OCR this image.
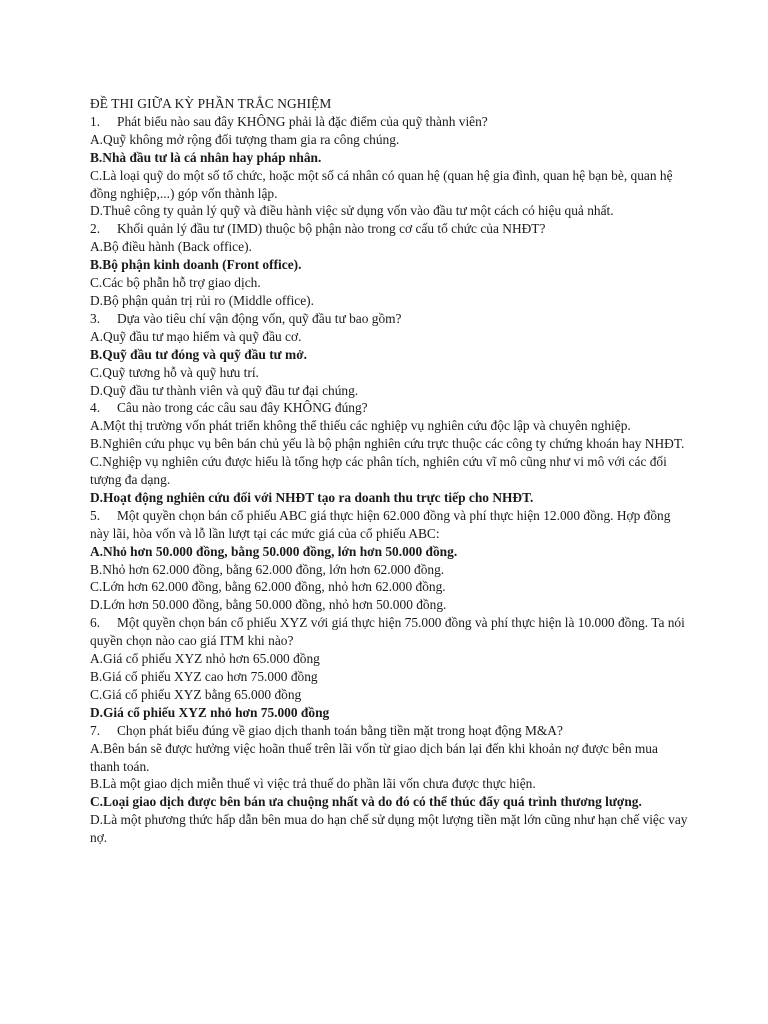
ĐỀ THI GIỮA KỲ PHẦN TRẮC NGHIỆM
1. Phát biểu nào sau đây KHÔNG phải là đặc điểm của quỹ thành viên?
A.Quỹ không mở rộng đối tượng tham gia ra công chúng.
B.Nhà đầu tư là cá nhân hay pháp nhân.
C.Là loại quỹ do một số tổ chức, hoặc một số cá nhân có quan hệ (quan hệ gia đình, quan hệ bạn bè, quan hệ đồng nghiệp,...) góp vốn thành lập.
D.Thuê công ty quản lý quỹ và điều hành việc sử dụng vốn vào đầu tư một cách có hiệu quả nhất.
2. Khối quản lý đầu tư (IMD) thuộc bộ phận nào trong cơ cấu tổ chức của NHĐT?
A.Bộ điều hành (Back office).
B.Bộ phận kinh doanh (Front office).
C.Các bộ phẫn hỗ trợ giao dịch.
D.Bộ phận quản trị rủi ro (Middle office).
3. Dựa vào tiêu chí vận động vốn, quỹ đầu tư bao gồm?
A.Quỹ đầu tư mạo hiểm và quỹ đầu cơ.
B.Quỹ đầu tư đóng và quỹ đầu tư mở.
C.Quỹ tương hỗ và quỹ hưu trí.
D.Quỹ đầu tư thành viên và quỹ đầu tư đại chúng.
4. Câu nào trong các câu sau đây KHÔNG đúng?
A.Một thị trường vốn phát triển không thể thiếu các nghiệp vụ nghiên cứu độc lập và chuyên nghiệp.
B.Nghiên cứu phục vụ bên bán chủ yếu là bộ phận nghiên cứu trực thuộc các công ty chứng khoán hay NHĐT.
C.Nghiệp vụ nghiên cứu được hiểu là tổng hợp các phân tích, nghiên cứu vĩ mô cũng như vi mô với các đối tượng đa dạng.
D.Hoạt động nghiên cứu đối với NHĐT tạo ra doanh thu trực tiếp cho NHĐT.
5. Một quyền chọn bán cổ phiếu ABC giá thực hiện 62.000 đồng và phí thực hiện 12.000 đồng. Hợp đồng này lãi, hòa vốn và lỗ lần lượt tại các mức giá của cổ phiếu ABC:
A.Nhỏ hơn 50.000 đồng, bằng 50.000 đồng, lớn hơn 50.000 đồng.
B.Nhỏ hơn 62.000 đồng, bằng 62.000 đồng, lớn hơn 62.000 đồng.
C.Lớn hơn 62.000 đồng, bằng 62.000 đồng, nhỏ hơn 62.000 đồng.
D.Lớn hơn 50.000 đồng, bằng 50.000 đồng, nhỏ hơn 50.000 đồng.
6. Một quyền chọn bán cổ phiếu XYZ với giá thực hiện 75.000 đồng và phí thực hiện là 10.000 đồng. Ta nói quyền chọn nào cao giá ITM khi nào?
A.Giá cổ phiếu XYZ nhỏ hơn 65.000 đồng
B.Giá cổ phiếu XYZ cao hơn 75.000 đồng
C.Giá cổ phiếu XYZ bằng 65.000 đồng
D.Giá cổ phiếu XYZ nhỏ hơn 75.000 đồng
7. Chọn phát biểu đúng về giao dịch thanh toán bằng tiền mặt trong hoạt động M&A?
A.Bên bán sẽ được hưởng việc hoãn thuế trên lãi vốn từ giao dịch bán lại đến khi khoản nợ được bên mua thanh toán.
B.Là một giao dịch miễn thuế vì việc trả thuế do phần lãi vốn chưa được thực hiện.
C.Loại giao dịch được bên bán ưa chuộng nhất và do đó có thể thúc đẩy quá trình thương lượng.
D.Là một phương thức hấp dẫn bên mua do hạn chế sử dụng một lượng tiền mặt lớn cũng như hạn chế việc vay nợ.
